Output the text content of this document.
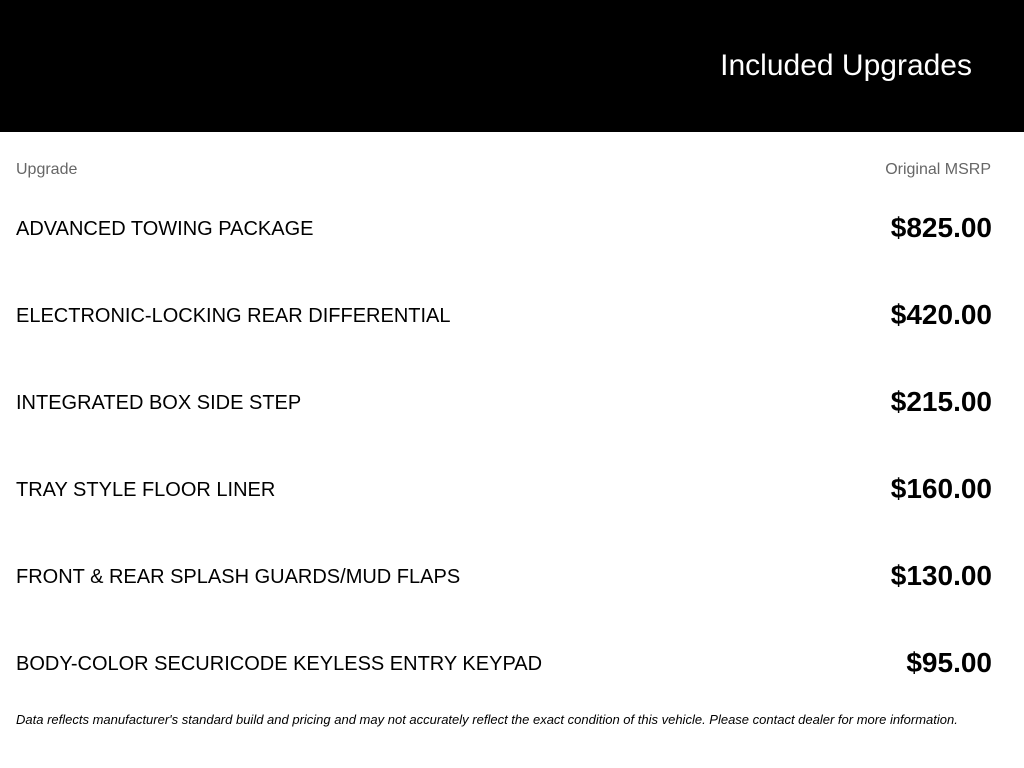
Included Upgrades
Upgrade	Original MSRP
ADVANCED TOWING PACKAGE	$825.00
ELECTRONIC-LOCKING REAR DIFFERENTIAL	$420.00
INTEGRATED BOX SIDE STEP	$215.00
TRAY STYLE FLOOR LINER	$160.00
FRONT & REAR SPLASH GUARDS/MUD FLAPS	$130.00
BODY-COLOR SECURICODE KEYLESS ENTRY KEYPAD	$95.00
Data reflects manufacturer's standard build and pricing and may not accurately reflect the exact condition of this vehicle. Please contact dealer for more information.
